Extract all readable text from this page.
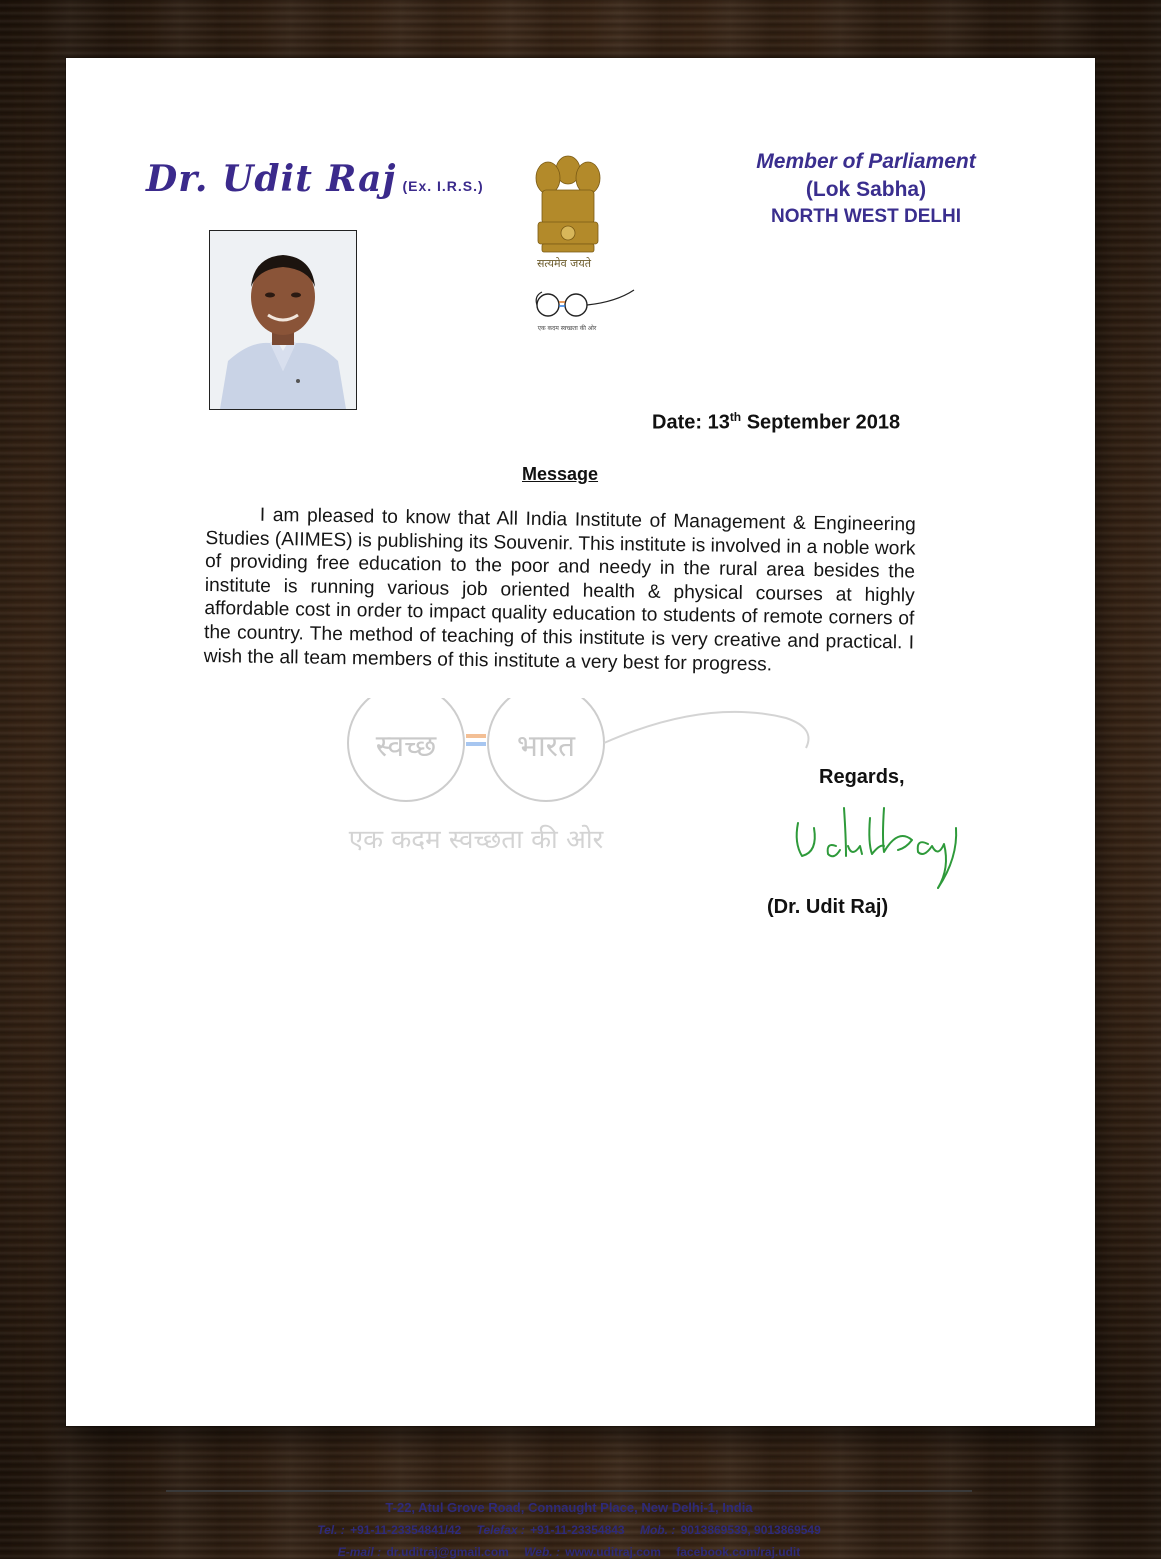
Dr. Udit Raj (Ex. I.R.S.)
सत्यमेव जयते
एक कदम स्वच्छता की ओर
Member of Parliament
(Lok Sabha)
NORTH WEST DELHI
Date: 13th September 2018
Message
I am pleased to know that All India Institute of Management & Engineering Studies (AIIMES) is publishing its Souvenir. This institute is involved in a noble work of providing free education to the poor and needy in the rural area besides the institute is running various job oriented health & physical courses at highly affordable cost in order to impact quality education to students of remote corners of the country. The method of teaching of this institute is very creative and practical. I wish the all team members of this institute a very best for progress.
स्वच्छ	भारत
एक कदम स्वच्छता की ओर
Regards,
(Dr. Udit Raj)
T-22, Atul Grove Road, Connaught Place, New Delhi-1, India
Tel. : +91-11-23354841/42 Telefax : +91-11-23354843 Mob. : 9013869539, 9013869549
E-mail : dr.uditraj@gmail.com Web. : www.uditraj.com facebook.com/raj.udit
